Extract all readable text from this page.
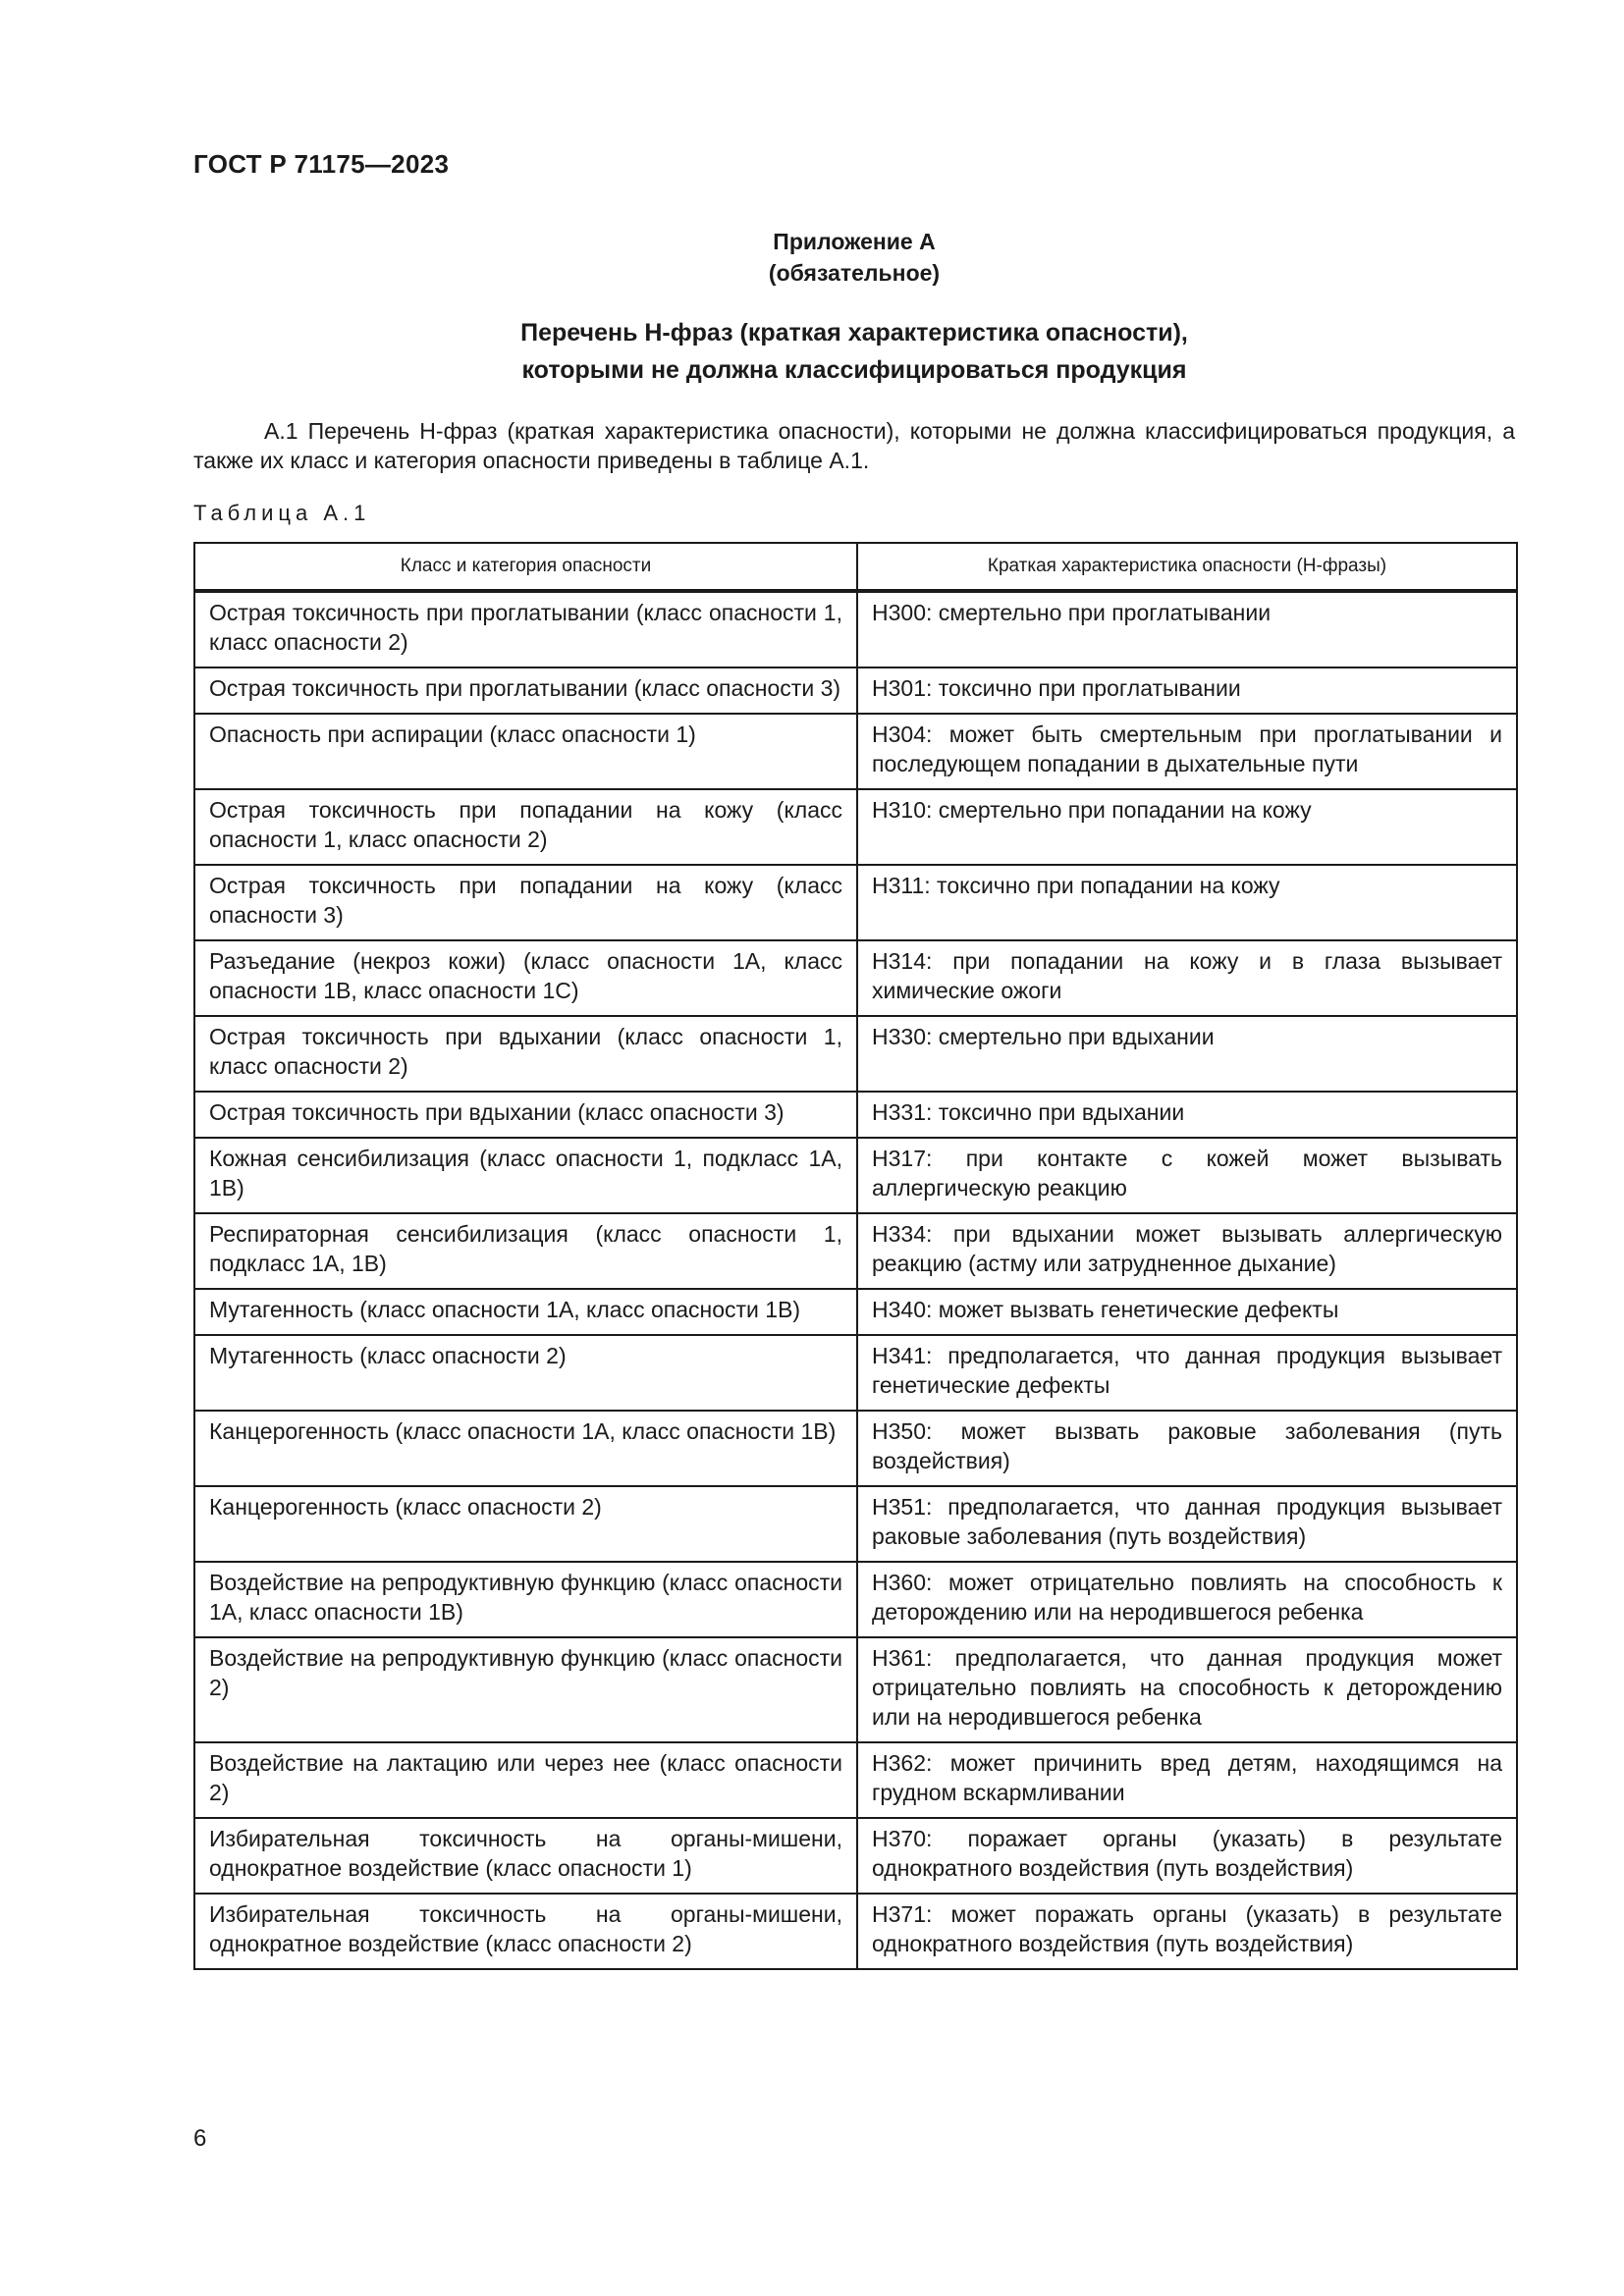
ГОСТ Р 71175—2023
Приложение А
(обязательное)
Перечень Н-фраз (краткая характеристика опасности),
которыми не должна классифицироваться продукция
А.1 Перечень Н-фраз (краткая характеристика опасности), которыми не должна классифицироваться продукция, а также их класс и категория опасности приведены в таблице А.1.
Таблица А.1
Класс и категория опасности	Краткая характеристика опасности (Н-фразы)
Острая токсичность при проглатывании (класс опасности 1, класс опасности 2)	Н300: смертельно при проглатывании
Острая токсичность при проглатывании (класс опасности 3)	Н301: токсично при проглатывании
Опасность при аспирации (класс опасности 1)	Н304: может быть смертельным при проглатывании и последующем попадании в дыхательные пути
Острая токсичность при попадании на кожу (класс опасности 1, класс опасности 2)	Н310: смертельно при попадании на кожу
Острая токсичность при попадании на кожу (класс опасности 3)	Н311: токсично при попадании на кожу
Разъедание (некроз кожи) (класс опасности 1А, класс опасности 1В, класс опасности 1С)	Н314: при попадании на кожу и в глаза вызывает химические ожоги
Острая токсичность при вдыхании (класс опасности 1, класс опасности 2)	Н330: смертельно при вдыхании
Острая токсичность при вдыхании (класс опасности 3)	Н331: токсично при вдыхании
Кожная сенсибилизация (класс опасности 1, подкласс 1А, 1В)	Н317: при контакте с кожей может вызывать аллергическую реакцию
Респираторная сенсибилизация (класс опасности 1, подкласс 1А, 1В)	Н334: при вдыхании может вызывать аллергическую реакцию (астму или затрудненное дыхание)
Мутагенность (класс опасности 1А, класс опасности 1В)	Н340: может вызвать генетические дефекты
Мутагенность (класс опасности 2)	Н341: предполагается, что данная продукция вызывает генетические дефекты
Канцерогенность (класс опасности 1А, класс опасности 1В)	Н350: может вызвать раковые заболевания (путь воздействия)
Канцерогенность (класс опасности 2)	Н351: предполагается, что данная продукция вызывает раковые заболевания (путь воздействия)
Воздействие на репродуктивную функцию (класс опасности 1А, класс опасности 1В)	Н360: может отрицательно повлиять на способность к деторождению или на неродившегося ребенка
Воздействие на репродуктивную функцию (класс опасности 2)	Н361: предполагается, что данная продукция может отрицательно повлиять на способность к деторождению или на неродившегося ребенка
Воздействие на лактацию или через нее (класс опасности 2)	Н362: может причинить вред детям, находящимся на грудном вскармливании
Избирательная токсичность на органы-мишени, однократное воздействие (класс опасности 1)	Н370: поражает органы (указать) в результате однократного воздействия (путь воздействия)
Избирательная токсичность на органы-мишени, однократное воздействие (класс опасности 2)	Н371: может поражать органы (указать) в результате однократного воздействия (путь воздействия)
6
